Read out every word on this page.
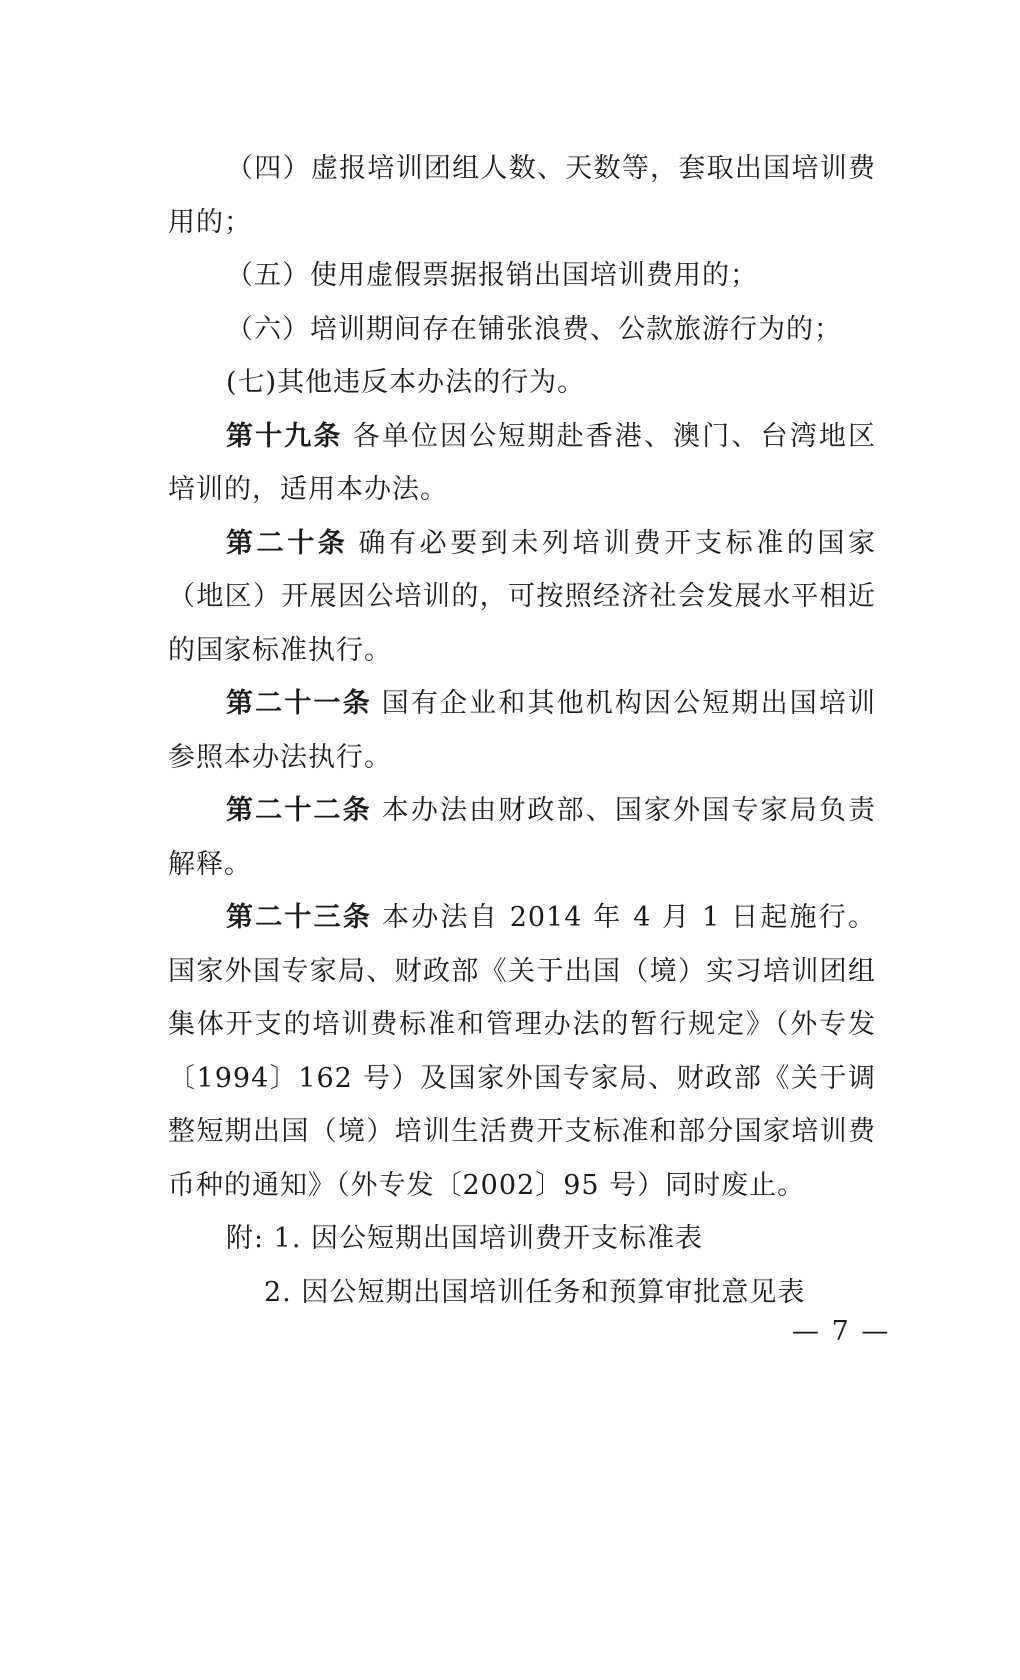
（四）虚报培训团组人数、天数等，套取出国培训费用的；

（五）使用虚假票据报销出国培训费用的；

（六）培训期间存在铺张浪费、公款旅游行为的；

(七)其他违反本办法的行为。

第十九条 各单位因公短期赴香港、澳门、台湾地区培训的，适用本办法。

第二十条 确有必要到未列培训费开支标准的国家（地区）开展因公培训的，可按照经济社会发展水平相近的国家标准执行。

第二十一条 国有企业和其他机构因公短期出国培训参照本办法执行。

第二十二条 本办法由财政部、国家外国专家局负责解释。

第二十三条 本办法自 2014 年 4 月 1 日起施行。国家外国专家局、财政部《关于出国（境）实习培训团组集体开支的培训费标准和管理办法的暂行规定》（外专发〔1994〕162 号）及国家外国专家局、财政部《关于调整短期出国（境）培训生活费开支标准和部分国家培训费币种的通知》（外专发〔2002〕95 号）同时废止。

附: 1. 因公短期出国培训费开支标准表

2. 因公短期出国培训任务和预算审批意见表

— 7 —
